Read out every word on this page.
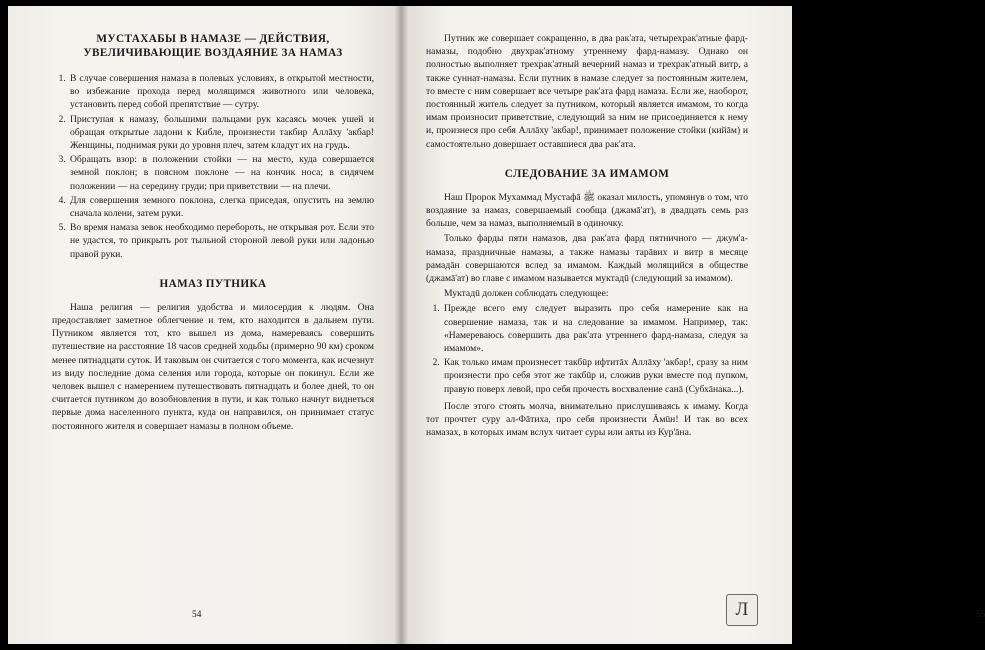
МУСТАХАБЫ В НАМАЗЕ — ДЕЙСТВИЯ, УВЕЛИЧИВАЮЩИЕ ВОЗДАЯНИЕ ЗА НАМАЗ
1. В случае совершения намаза в полевых условиях, в открытой местности, во избежание прохода перед молящимся животного или человека, установить перед собой препятствие — сутру.
2. Приступая к намазу, большими пальцами рук касаясь мочек ушей и обращая открытые ладони к Кибле, произнести такбир Аллāху 'акбар! Женщины, поднимая руки до уровня плеч, затем кладут их на грудь.
3. Обращать взор: в положении стойки — на место, куда совершается земной поклон; в поясном поклоне — на кончик носа; в сидячем положении — на середину груди; при приветствии — на плечи.
4. Для совершения земного поклона, слегка приседая, опустить на землю сначала колени, затем руки.
5. Во время намаза зевок необходимо перебороть, не открывая рот. Если это не удастся, то прикрыть рот тыльной стороной левой руки или ладонью правой руки.
НАМАЗ ПУТНИКА

Наша религия — религия удобства и милосердия к людям. Она предоставляет заметное облегчение и тем, кто находится в дальнем пути. Путником является тот, кто вышел из дома, намереваясь совершить путешествие на расстояние 18 часов средней ходьбы (примерно 90 км) сроком менее пятнадцати суток. И таковым он считается с того момента, как исчезнут из виду последние дома селения или города, которые он покинул. Если же человек вышел с намерением путешествовать пятнадцать и более дней, то он считается путником до возобновления в пути, и как только начнут виднеться первые дома населенного пункта, куда он направился, он принимает статус постоянного жителя и совершает намазы в полном объеме.

54

Путник же совершает сокращенно, в два рак'ата, четырехрак'атные фард-намазы, подобно двухрак'атному утреннему фард-намазу. Однако он полностью выполняет трехрак'атный вечерний намаз и трехрак'атный витр, а также суннат-намазы. Если путник в намазе следует за постоянным жителем, то вместе с ним совершает все четыре рак'ата фард намаза. Если же, наоборот, постоянный житель следует за путником, который является имамом, то когда имам произносит приветствие, следующий за ним не присоединяется к нему и, произнеся про себя Аллāху 'акбар!, принимает положение стойки (кийāм) и самостоятельно довершает оставшиеся два рак'ата.

СЛЕДОВАНИЕ ЗА ИМАМОМ

Наш Пророк Мухаммад Мустафā ﷺ оказал милость, упомянув о том, что воздаяние за намаз, совершаемый сообща (джамā'ат), в двадцать семь раз больше, чем за намаз, выполняемый в одиночку.

Только фарды пяти намазов, два рак'ата фард пятничного — джум'а-намаза, праздничные намазы, а также намазы тарāвих и витр в месяце рамадāн совершаются вслед за имамом. Каждый молящийся в обществе (джамā'ат) во главе с имамом называется муктадū (следующий за имамом).

Муктадū должен соблюдать следующее:

1. Прежде всего ему следует выразить про себя намерение как на совершение намаза, так и на следование за имамом. Например, так: «Намереваюсь совершить два рак'ата утреннего фард-намаза, следуя за имамом».
2. Как только имам произнесет такбūр ифтитāх Аллāху 'акбар!, сразу за ним произнести про себя этот же такбūр и, сложив руки вместе под пупком, правую поверх левой, про себя прочесть восхваление санā (Субхāнака...).

После этого стоять молча, внимательно прислушиваясь к имаму. Когда тот прочтет суру ал-Фāтиха, про себя произнести Āмūн! И так во всех намазах, в которых имам вслух читает суры или аяты из Кур'āна.

55
Л
